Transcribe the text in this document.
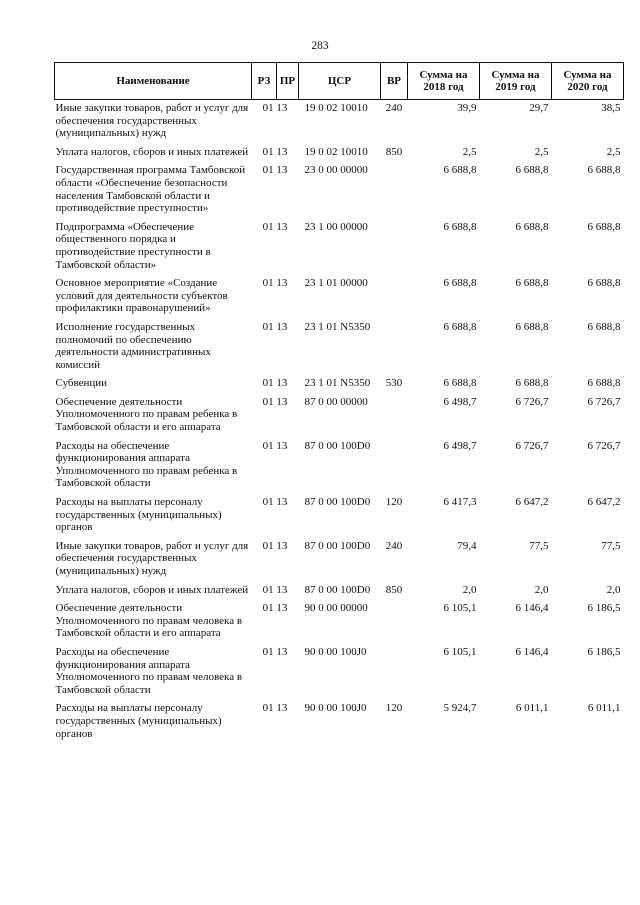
283
Наименование	РЗ	ПР	ЦСР	ВР	Сумма на 2018 год	Сумма на 2019 год	Сумма на 2020 год
Иные закупки товаров, работ и услуг для обеспечения государственных (муниципальных) нужд	01 13		19 0 02 10010	240	39,9	29,7	38,5
Уплата налогов, сборов и иных платежей	01 13		19 0 02 10010	850	2,5	2,5	2,5
Государственная программа Тамбовской области «Обеспечение безопасности населения Тамбовской области и противодействие преступности»	01 13		23 0 00 00000		6 688,8	6 688,8	6 688,8
Подпрограмма «Обеспечение общественного порядка и противодействие преступности в Тамбовской области»	01 13		23 1 00 00000		6 688,8	6 688,8	6 688,8
Основное мероприятие «Создание условий для деятельности субъектов профилактики правонарушений»	01 13		23 1 01 00000		6 688,8	6 688,8	6 688,8
Исполнение государственных полномочий по обеспечению деятельности административных комиссий	01 13		23 1 01 N5350		6 688,8	6 688,8	6 688,8
Субвенции	01 13		23 1 01 N5350	530	6 688,8	6 688,8	6 688,8
Обеспечение деятельности Уполномоченного по правам ребенка в Тамбовской области и его аппарата	01 13		87 0 00 00000		6 498,7	6 726,7	6 726,7
Расходы на обеспечение функционирования аппарата Уполномоченного по правам ребенка в Тамбовской области	01 13		87 0 00 100D0		6 498,7	6 726,7	6 726,7
Расходы на выплаты персоналу государственных (муниципальных) органов	01 13		87 0 00 100D0	120	6 417,3	6 647,2	6 647,2
Иные закупки товаров, работ и услуг для обеспечения государственных (муниципальных) нужд	01 13		87 0 00 100D0	240	79,4	77,5	77,5
Уплата налогов, сборов и иных платежей	01 13		87 0 00 100D0	850	2,0	2,0	2,0
Обеспечение деятельности Уполномоченного по правам человека в Тамбовской области и его аппарата	01 13		90 0 00 00000		6 105,1	6 146,4	6 186,5
Расходы на обеспечение функционирования аппарата Уполномоченного по правам человека в Тамбовской области	01 13		90 0 00 100J0		6 105,1	6 146,4	6 186,5
Расходы на выплаты персоналу государственных (муниципальных) органов	01 13		90 0 00 100J0	120	5 924,7	6 011,1	6 011,1
